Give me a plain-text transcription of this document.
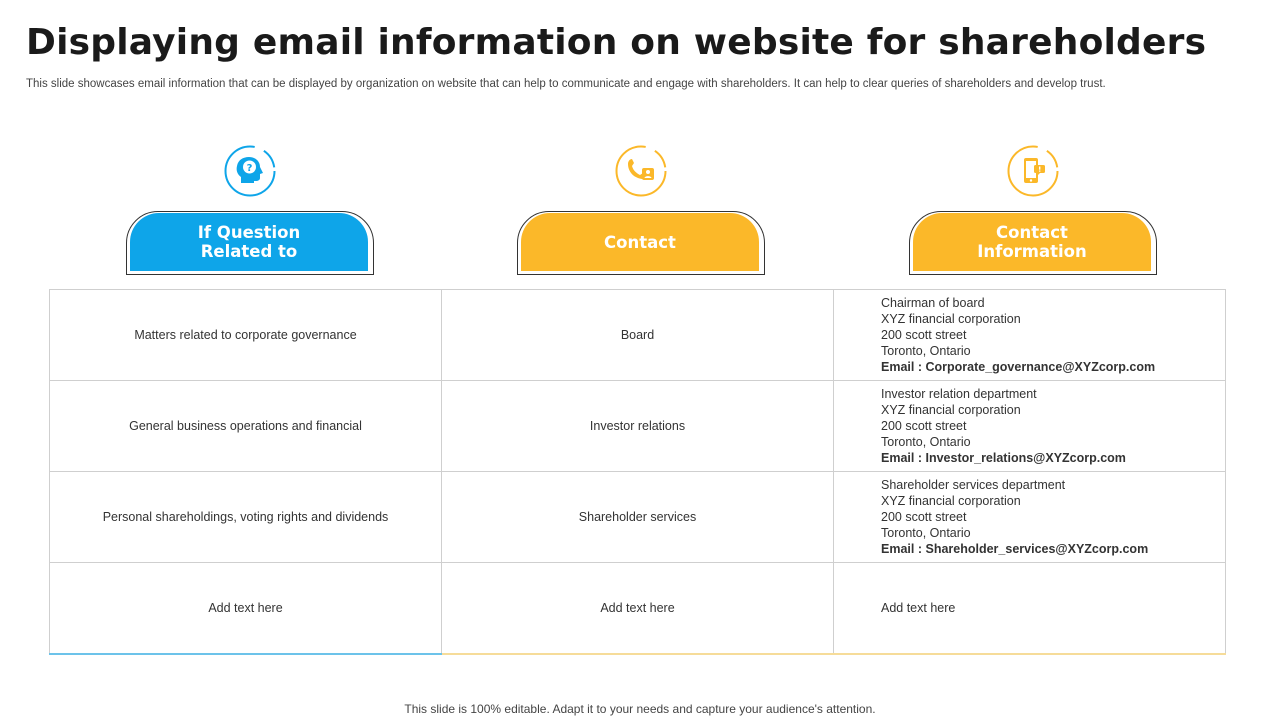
Displaying email information on website for shareholders
This slide showcases email information that can be displayed by organization on website that can help to communicate and engage with shareholders. It can help to clear queries of shareholders and develop trust.
?
If Question Related to	Contact	Contact Information
Matters related to corporate governance	Board	Chairman of board
XYZ financial corporation
200 scott street
Toronto, Ontario
Email : Corporate_governance@XYZcorp.com

General business operations and financial	Investor relations	Investor relation department
XYZ financial corporation
200 scott street
Toronto, Ontario
Email : Investor_relations@XYZcorp.com

Personal shareholdings, voting rights and dividends	Shareholder services	Shareholder services department
XYZ financial corporation
200 scott street
Toronto, Ontario
Email : Shareholder_services@XYZcorp.com

Add text here	Add text here	Add text here
This slide is 100% editable. Adapt it to your needs and capture your audience's attention.
